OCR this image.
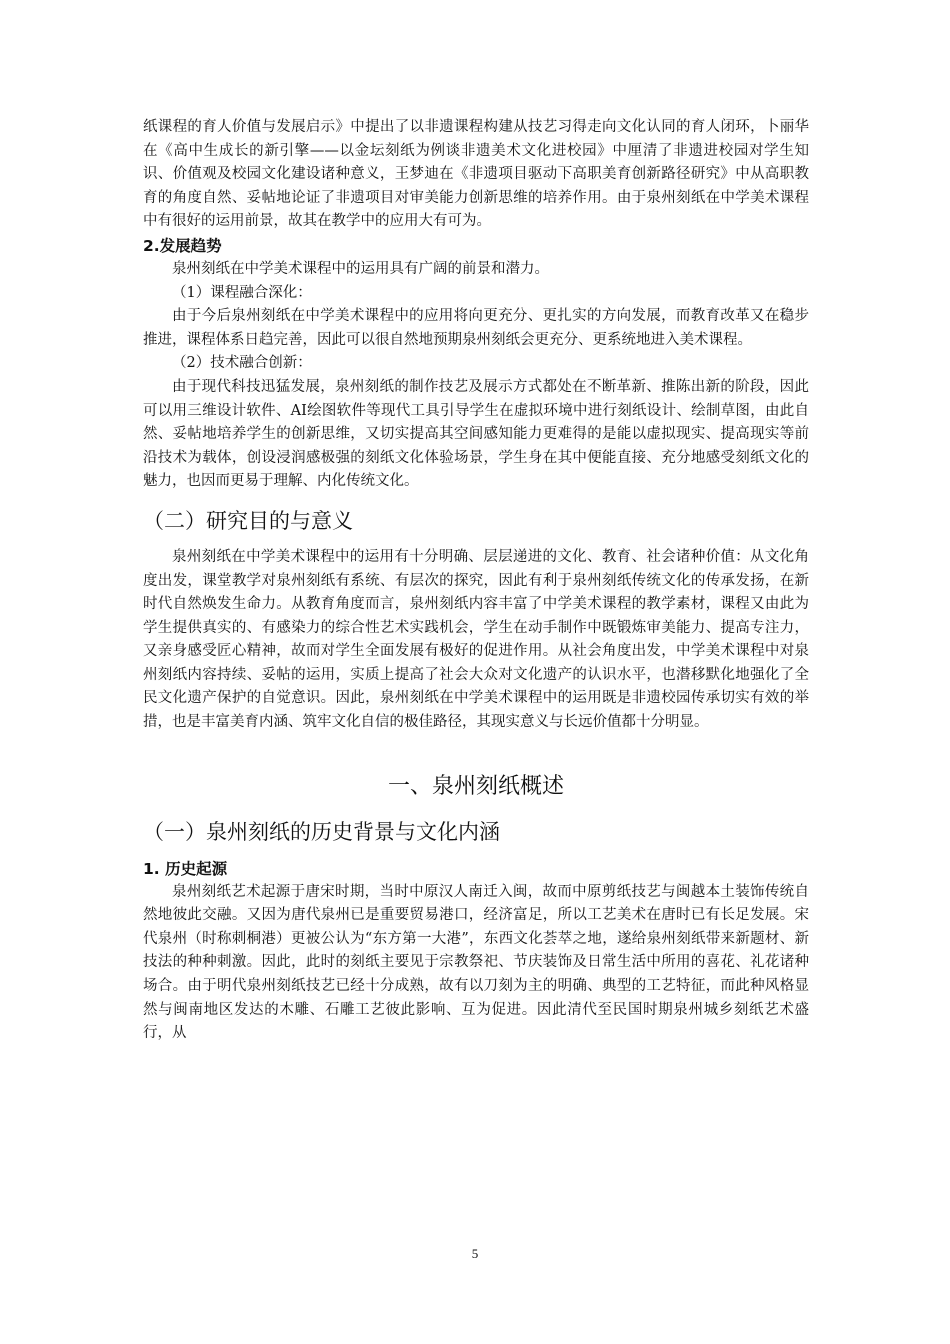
纸课程的育人价值与发展启示》中提出了以非遗课程构建从技艺习得走向文化认同的育人闭环，卜丽华在《高中生成长的新引擎——以金坛刻纸为例谈非遗美术文化进校园》中厘清了非遗进校园对学生知识、价值观及校园文化建设诸种意义，王梦迪在《非遗项目驱动下高职美育创新路径研究》中从高职教育的角度自然、妥帖地论证了非遗项目对审美能力创新思维的培养作用。由于泉州刻纸在中学美术课程中有很好的运用前景，故其在教学中的应用大有可为。

2.发展趋势

泉州刻纸在中学美术课程中的运用具有广阔的前景和潜力。

（1）课程融合深化：

由于今后泉州刻纸在中学美术课程中的应用将向更充分、更扎实的方向发展，而教育改革又在稳步推进，课程体系日趋完善，因此可以很自然地预期泉州刻纸会更充分、更系统地进入美术课程。

（2）技术融合创新：

由于现代科技迅猛发展，泉州刻纸的制作技艺及展示方式都处在不断革新、推陈出新的阶段，因此可以用三维设计软件、AI绘图软件等现代工具引导学生在虚拟环境中进行刻纸设计、绘制草图，由此自然、妥帖地培养学生的创新思维，又切实提高其空间感知能力更难得的是能以虚拟现实、提高现实等前沿技术为载体，创设浸润感极强的刻纸文化体验场景，学生身在其中便能直接、充分地感受刻纸文化的魅力，也因而更易于理解、内化传统文化。

（二）研究目的与意义

泉州刻纸在中学美术课程中的运用有十分明确、层层递进的文化、教育、社会诸种价值：从文化角度出发，课堂教学对泉州刻纸有系统、有层次的探究，因此有利于泉州刻纸传统文化的传承发扬，在新时代自然焕发生命力。从教育角度而言，泉州刻纸内容丰富了中学美术课程的教学素材，课程又由此为学生提供真实的、有感染力的综合性艺术实践机会，学生在动手制作中既锻炼审美能力、提高专注力，又亲身感受匠心精神，故而对学生全面发展有极好的促进作用。从社会角度出发，中学美术课程中对泉州刻纸内容持续、妥帖的运用，实质上提高了社会大众对文化遗产的认识水平，也潜移默化地强化了全民文化遗产保护的自觉意识。因此，泉州刻纸在中学美术课程中的运用既是非遗校园传承切实有效的举措，也是丰富美育内涵、筑牢文化自信的极佳路径，其现实意义与长远价值都十分明显。

一、泉州刻纸概述
（一）泉州刻纸的历史背景与文化内涵
1. 历史起源

泉州刻纸艺术起源于唐宋时期，当时中原汉人南迁入闽，故而中原剪纸技艺与闽越本土装饰传统自然地彼此交融。又因为唐代泉州已是重要贸易港口，经济富足，所以工艺美术在唐时已有长足发展。宋代泉州（时称刺桐港）更被公认为“东方第一大港”，东西文化荟萃之地，遂给泉州刻纸带来新题材、新技法的种种刺激。因此，此时的刻纸主要见于宗教祭祀、节庆装饰及日常生活中所用的喜花、礼花诸种场合。由于明代泉州刻纸技艺已经十分成熟，故有以刀刻为主的明确、典型的工艺特征，而此种风格显然与闽南地区发达的木雕、石雕工艺彼此影响、互为促进。因此清代至民国时期泉州城乡刻纸艺术盛行，从

5
